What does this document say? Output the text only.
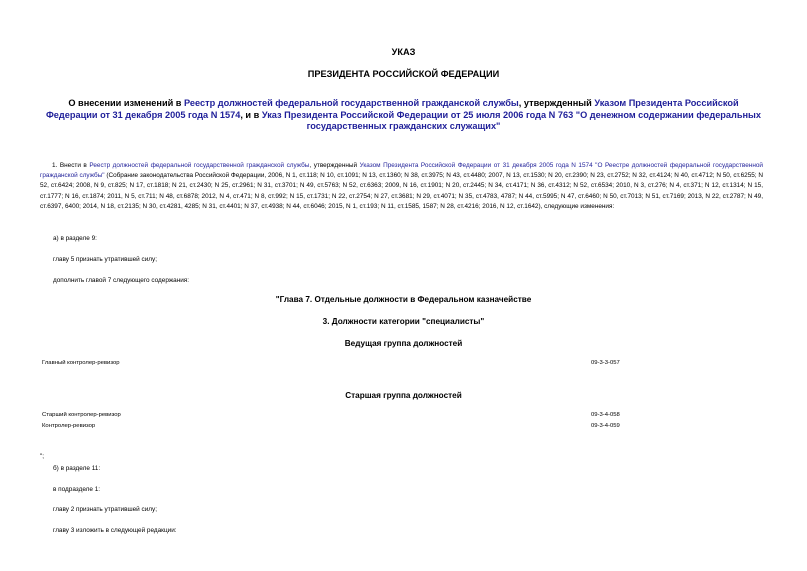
УКАЗ
ПРЕЗИДЕНТА РОССИЙСКОЙ ФЕДЕРАЦИИ
О внесении изменений в Реестр должностей федеральной государственной гражданской службы, утвержденный Указом Президента Российской Федерации от 31 декабря 2005 года N 1574, и в Указ Президента Российской Федерации от 25 июля 2006 года N 763 "О денежном содержании федеральных государственных гражданских служащих"
1. Внести в Реестр должностей федеральной государственной гражданской службы, утвержденный Указом Президента Российской Федерации от 31 декабря 2005 года N 1574 "О Реестре должностей федеральной государственной гражданской службы" (Собрание законодательства Российской Федерации, 2006, N 1, ст.118; N 10, ст.1091; N 13, ст.1360; N 38, ст.3975; N 43, ст.4480; 2007, N 13, ст.1530; N 20, ст.2390; N 23, ст.2752; N 32, ст.4124; N 40, ст.4712; N 50, ст.6255; N 52, ст.6424; 2008, N 9, ст.825; N 17, ст.1818; N 21, ст.2430; N 25, ст.2961; N 31, ст.3701; N 49, ст.5763; N 52, ст.6363; 2009, N 16, ст.1901; N 20, ст.2445; N 34, ст.4171; N 36, ст.4312; N 52, ст.6534; 2010, N 3, ст.276; N 4, ст.371; N 12, ст.1314; N 15, ст.1777; N 16, ст.1874; 2011, N 5, ст.711; N 48, ст.6878; 2012, N 4, ст.471; N 8, ст.992; N 15, ст.1731; N 22, ст.2754; N 27, ст.3681; N 29, ст.4071; N 35, ст.4783, 4787; N 44, ст.5995; N 47, ст.6460; N 50, ст.7013; N 51, ст.7169; 2013, N 22, ст.2787; N 49, ст.6397, 6400; 2014, N 18, ст.2135; N 30, ст.4281, 4285; N 31, ст.4401; N 37, ст.4938; N 44, ст.6046; 2015, N 1, ст.193; N 11, ст.1585, 1587; N 28, ст.4216; 2016, N 12, ст.1642), следующие изменения:
а) в разделе 9:
главу 5 признать утратившей силу;
дополнить главой 7 следующего содержания:
"Глава 7. Отдельные должности в Федеральном казначействе
3. Должности категории "специалисты"
Ведущая группа должностей
Главный контролер-ревизор	09-3-3-057
Старшая группа должностей
Старший контролер-ревизор	09-3-4-058
Контролер-ревизор	09-3-4-059
";
б) в разделе 11:
в подразделе 1:
главу 2 признать утратившей силу;
главу 3 изложить в следующей редакции:
